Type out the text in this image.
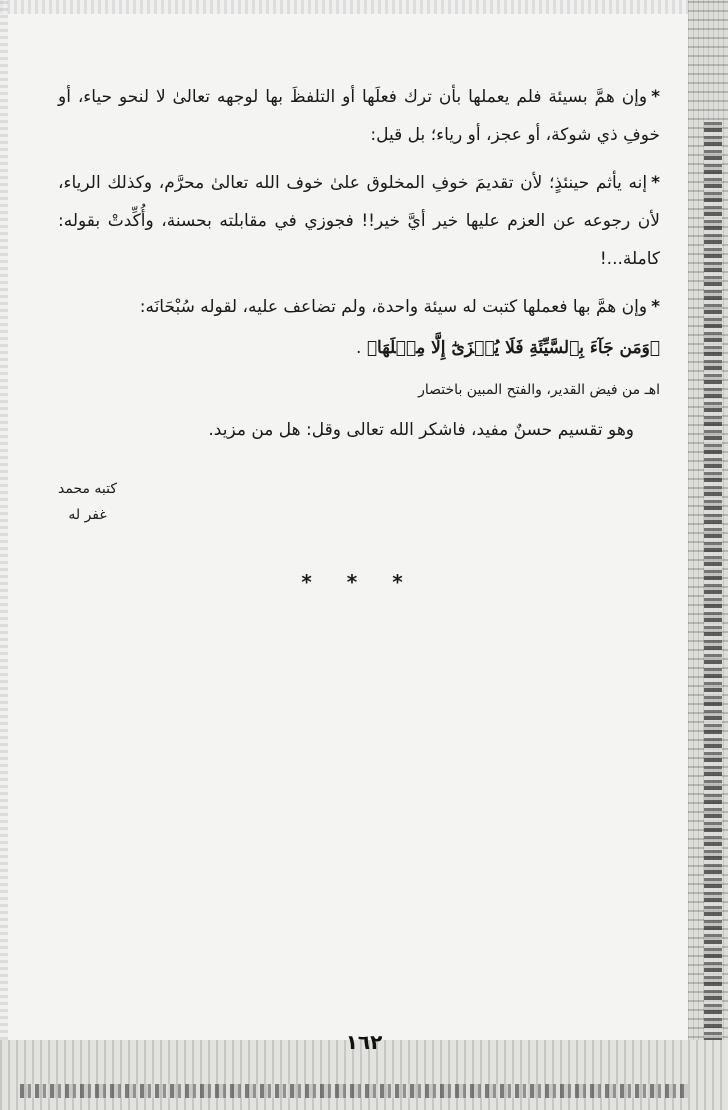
*وإن همَّ بسيئة فلم يعملها بأن ترك فعلَها أو التلفظَ بها لوجهه تعالىٰ لا لنحو حياء، أو خوفِ ذي شوكة، أو عجز، أو رياء؛ بل قيل:

*إنه يأثم حينئذٍ؛ لأن تقديمَ خوفِ المخلوق علىٰ خوف الله تعالىٰ محرَّم، وكذلك الرياء، لأن رجوعه عن العزم عليها خير أيَّ خير!! فجوزي في مقابلته بحسنة، وأُكِّدتْ بقوله: كاملة...!

*وإن همَّ بها فعملها كتبت له سيئة واحدة، ولم تضاعف عليه، لقوله سُبْحَانَه:

﴿وَمَن جَآءَ بِٱلسَّيِّئَةِ فَلَا يُجۡزَىٰٓ إِلَّا مِثۡلَهَا﴾ .

اهـ من فيض القدير، والفتح المبين باختصار

وهو تقسيم حسنٌ مفيد، فاشكر الله تعالى وقل: هل من مزيد.

كتبه محمد
غفر له
* * *
١٦٢
